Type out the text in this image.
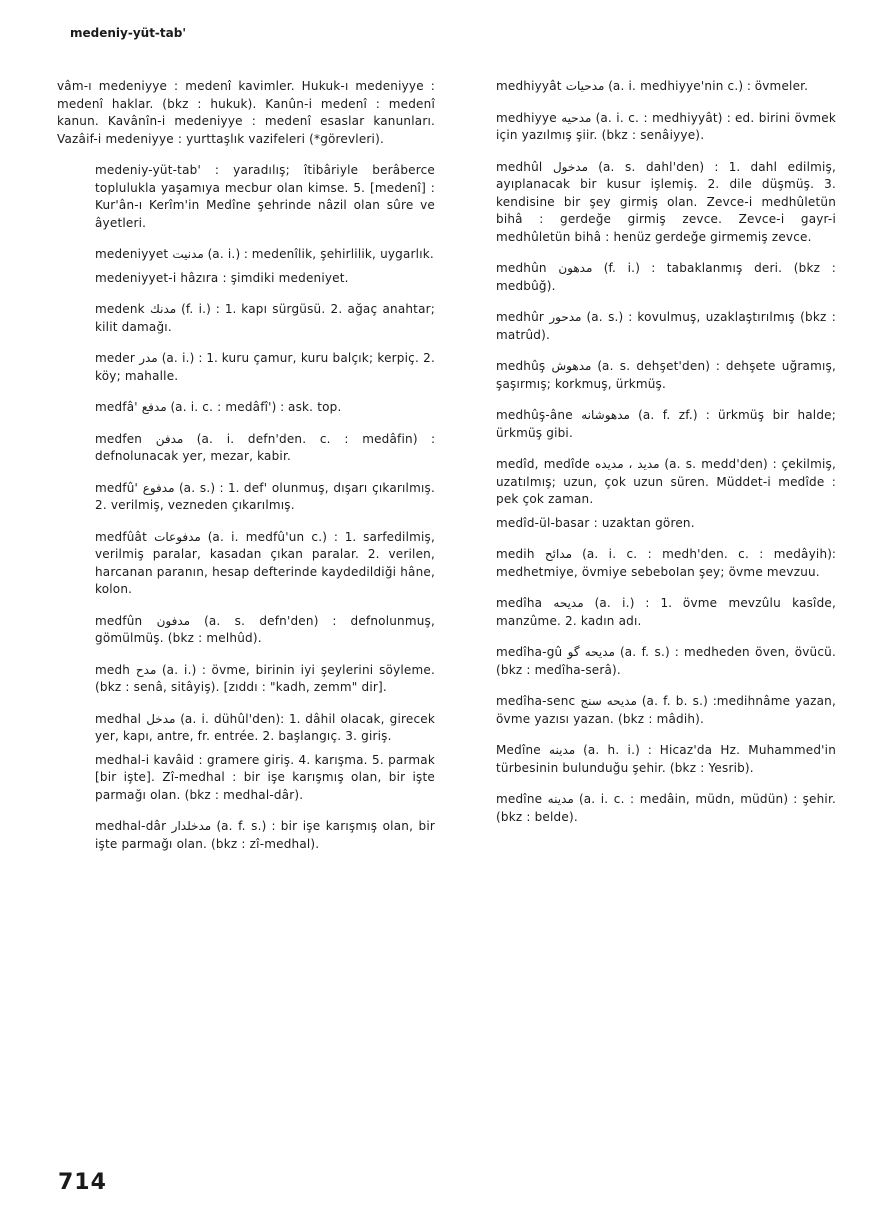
medeniy-yüt-tab'

vâm-ı medeniyye : medenî kavimler. Hukuk-ı medeniyye : medenî haklar. (bkz : hukuk). Kanûn-i medenî : medenî kanun. Kavânîn-i medeniyye : medenî esaslar kanunları. Vazâif-i medeniyye : yurttaşlık vazifeleri (*görevleri).

medeniy-yüt-tab' : yaradılış; îtibâriyle berâberce toplulukla yaşamıya mecbur olan kimse. 5. [medenî] : Kur'ân-ı Kerîm'in Medîne şehrinde nâzil olan sûre ve âyetleri.

medeniyyet مدنيت (a. i.) : medenîlik, şehirlilik, uygarlık.

medeniyyet-i hâzıra : şimdiki medeniyet.

medenk مدنك (f. i.) : 1. kapı sürgüsü. 2. ağaç anahtar; kilit damağı.

meder مدر (a. i.) : 1. kuru çamur, kuru balçık; kerpiç. 2. köy; mahalle.

medfâ' مدفع (a. i. c. : medâfî') : ask. top.

medfen مدفن (a. i. defn'den. c. : medâfin) : defnolunacak yer, mezar, kabir.

medfû' مدفوع (a. s.) : 1. def' olunmuş, dışarı çıkarılmış. 2. verilmiş, vezneden çıkarılmış.

medfûât مدفوعات (a. i. medfû'un c.) : 1. sarfedilmiş, verilmiş paralar, kasadan çıkan paralar. 2. verilen, harcanan paranın, hesap defterinde kaydedildiği hâne, kolon.

medfûn مدفون (a. s. defn'den) : defnolunmuş, gömülmüş. (bkz : melhûd).

medh مدح (a. i.) : övme, birinin iyi şeylerini söyleme. (bkz : senâ, sitâyiş). [zıddı : "kadh, zemm" dir].

medhal مدخل (a. i. dühûl'den): 1. dâhil olacak, girecek yer, kapı, antre, fr. entrée. 2. başlangıç. 3. giriş.

medhal-i kavâid : gramere giriş. 4. karışma. 5. parmak [bir işte]. Zî-medhal : bir işe karışmış olan, bir işte parmağı olan. (bkz : medhal-dâr).

medhal-dâr مدخلدار (a. f. s.) : bir işe karışmış olan, bir işte parmağı olan. (bkz : zî-medhal).

medhiyyât مدحيات (a. i. medhiyye'nin c.) : övmeler.

medhiyye مدحيه (a. i. c. : medhiyyât) : ed. birini övmek için yazılmış şiir. (bkz : senâiyye).

medhûl مدخول (a. s. dahl'den) : 1. dahl edilmiş, ayıplanacak bir kusur işlemiş. 2. dile düşmüş. 3. kendisine bir şey girmiş olan. Zevce-i medhûletün bihâ : gerdeğe girmiş zevce. Zevce-i gayr-i medhûletün bihâ : henüz gerdeğe girmemiş zevce.

medhûn مدهون (f. i.) : tabaklanmış deri. (bkz : medbûğ).

medhûr مدحور (a. s.) : kovulmuş, uzaklaştırılmış (bkz : matrûd).

medhûş مدهوش (a. s. dehşet'den) : dehşete uğramış, şaşırmış; korkmuş, ürkmüş.

medhûş-âne مدهوشانه (a. f. zf.) : ürkmüş bir halde; ürkmüş gibi.

medîd, medîde مديد ، مديده (a. s. medd'den) : çekilmiş, uzatılmış; uzun, çok uzun süren. Müddet-i medîde : pek çok zaman.

medîd-ül-basar : uzaktan gören.

medih مدائح (a. i. c. : medh'den. c. : medâyih): medhetmiye, övmiye sebeboIan şey; övme mevzuu.

medîha مديحه (a. i.) : 1. övme mevzûlu kasîde, manzûme. 2. kadın adı.

medîha-gû مديحه گو (a. f. s.) : medheden öven, övücü. (bkz : medîha-serâ).

medîha-senc مديحه سنج (a. f. b. s.) :medihnâme yazan, övme yazısı yazan. (bkz : mâdih).

Medîne مدينه (a. h. i.) : Hicaz'da Hz. Muhammed'in türbesinin bulunduğu şehir. (bkz : Yesrib).

medîne مدينه (a. i. c. : medâin, müdn, müdün) : şehir. (bkz : belde).

714
